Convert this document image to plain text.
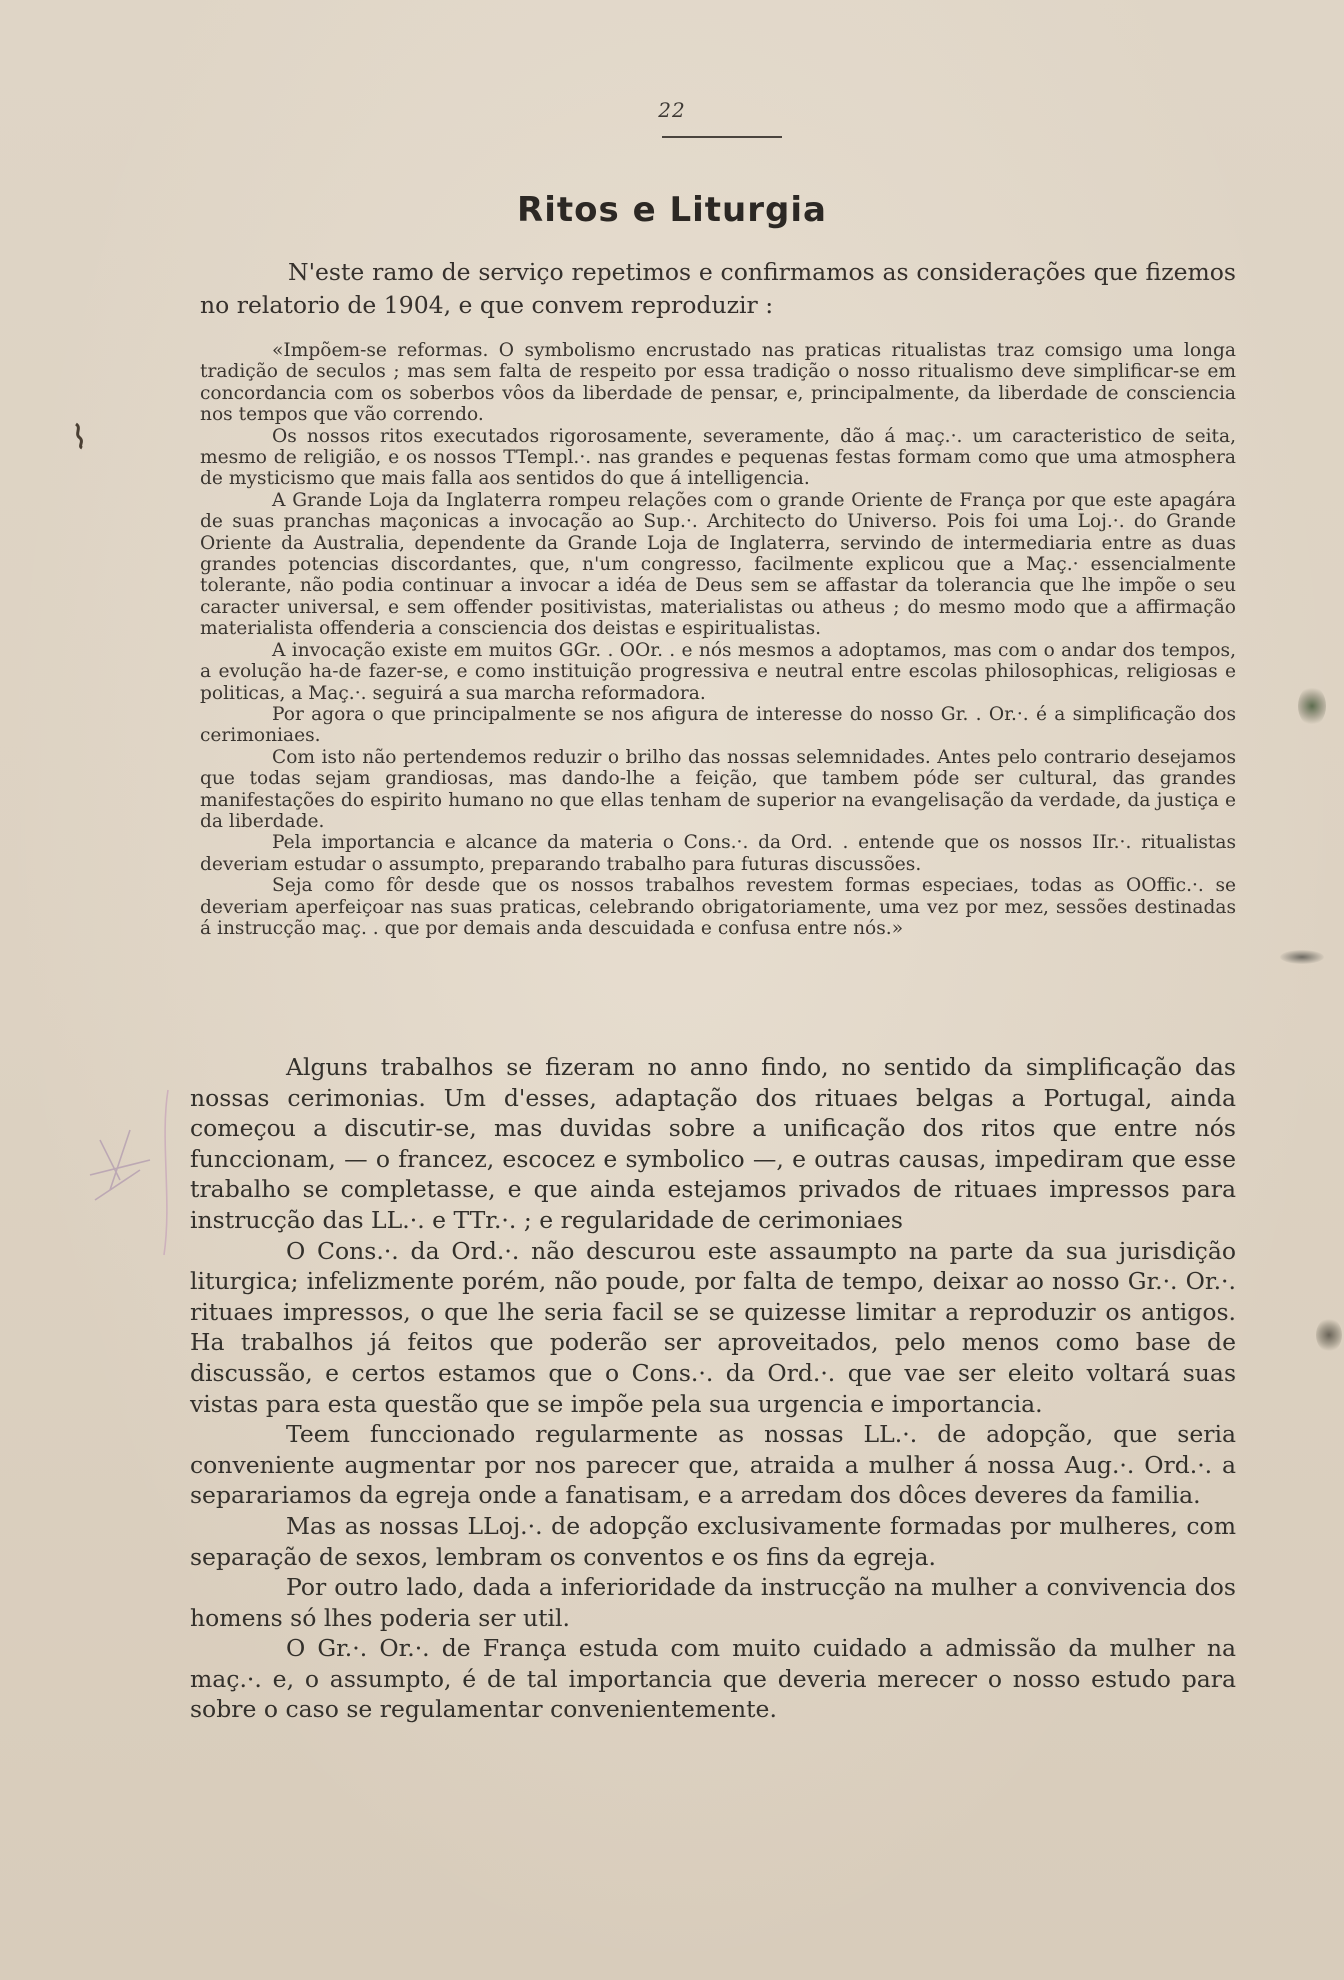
22
Ritos e Liturgia

N'este ramo de serviço repetimos e confirmamos as considerações que fizemos no relatorio de 1904, e que convem reproduzir :

«Impõem-se reformas. O symbolismo encrustado nas praticas ritualistas traz comsigo uma longa tradição de seculos ; mas sem falta de respeito por essa tradição o nosso ritualismo deve simplificar-se em concordancia com os soberbos vôos da liberdade de pensar, e, principalmente, da liberdade de consciencia nos tempos que vão correndo.

Os nossos ritos executados rigorosamente, severamente, dão á maç.·. um caracteristico de seita, mesmo de religião, e os nossos TTempl.·. nas grandes e pequenas festas formam como que uma atmosphera de mysticismo que mais falla aos sentidos do que á intelligencia.

A Grande Loja da Inglaterra rompeu relações com o grande Oriente de França por que este apagára de suas pranchas maçonicas a invocação ao Sup.·. Architecto do Universo. Pois foi uma Loj.·. do Grande Oriente da Australia, dependente da Grande Loja de Inglaterra, servindo de intermediaria entre as duas grandes potencias discordantes, que, n'um congresso, facilmente explicou que a Maç.· essencialmente tolerante, não podia continuar a invocar a idéa de Deus sem se affastar da tolerancia que lhe impõe o seu caracter universal, e sem offender positivistas, materialistas ou atheus ; do mesmo modo que a affirmação materialista offenderia a consciencia dos deistas e espiritualistas.

A invocação existe em muitos GGr. . OOr. . e nós mesmos a adoptamos, mas com o andar dos tempos, a evolução ha-de fazer-se, e como instituição progressiva e neutral entre escolas philosophicas, religiosas e politicas, a Maç.·. seguirá a sua marcha reformadora.

Por agora o que principalmente se nos afigura de interesse do nosso Gr. . Or.·. é a simplificação dos cerimoniaes.

Com isto não pertendemos reduzir o brilho das nossas selemnidades. Antes pelo contrario desejamos que todas sejam grandiosas, mas dando-lhe a feição, que tambem póde ser cultural, das grandes manifestações do espirito humano no que ellas tenham de superior na evangelisação da verdade, da justiça e da liberdade.

Pela importancia e alcance da materia o Cons.·. da Ord. . entende que os nossos IIr.·. ritualistas deveriam estudar o assumpto, preparando trabalho para futuras discussões.

Seja como fôr desde que os nossos trabalhos revestem formas especiaes, todas as OOffic.·. se deveriam aperfeiçoar nas suas praticas, celebrando obrigatoriamente, uma vez por mez, sessões destinadas á instrucção maç. . que por demais anda descuidada e confusa entre nós.»

Alguns trabalhos se fizeram no anno findo, no sentido da simplificação das nossas cerimonias. Um d'esses, adaptação dos rituaes belgas a Portugal, ainda começou a discutir-se, mas duvidas sobre a unificação dos ritos que entre nós funccionam, — o francez, escocez e symbolico —, e outras causas, impediram que esse trabalho se completasse, e que ainda estejamos privados de rituaes impressos para instrucção das LL.·. e TTr.·. ; e regularidade de cerimoniaes

O Cons.·. da Ord.·. não descurou este assaumpto na parte da sua jurisdição liturgica; infelizmente porém, não poude, por falta de tempo, deixar ao nosso Gr.·. Or.·. rituaes impressos, o que lhe seria facil se se quizesse limitar a reproduzir os antigos. Ha trabalhos já feitos que poderão ser aproveitados, pelo menos como base de discussão, e certos estamos que o Cons.·. da Ord.·. que vae ser eleito voltará suas vistas para esta questão que se impõe pela sua urgencia e importancia.

Teem funccionado regularmente as nossas LL.·. de adopção, que seria conveniente augmentar por nos parecer que, atraida a mulher á nossa Aug.·. Ord.·. a separariamos da egreja onde a fanatisam, e a arredam dos dôces deveres da familia.

Mas as nossas LLoj.·. de adopção exclusivamente formadas por mulheres, com separação de sexos, lembram os conventos e os fins da egreja.

Por outro lado, dada a inferioridade da instrucção na mulher a convivencia dos homens só lhes poderia ser util.

O Gr.·. Or.·. de França estuda com muito cuidado a admissão da mulher na maç.·. e, o assumpto, é de tal importancia que deveria merecer o nosso estudo para sobre o caso se regulamentar convenientemente.
